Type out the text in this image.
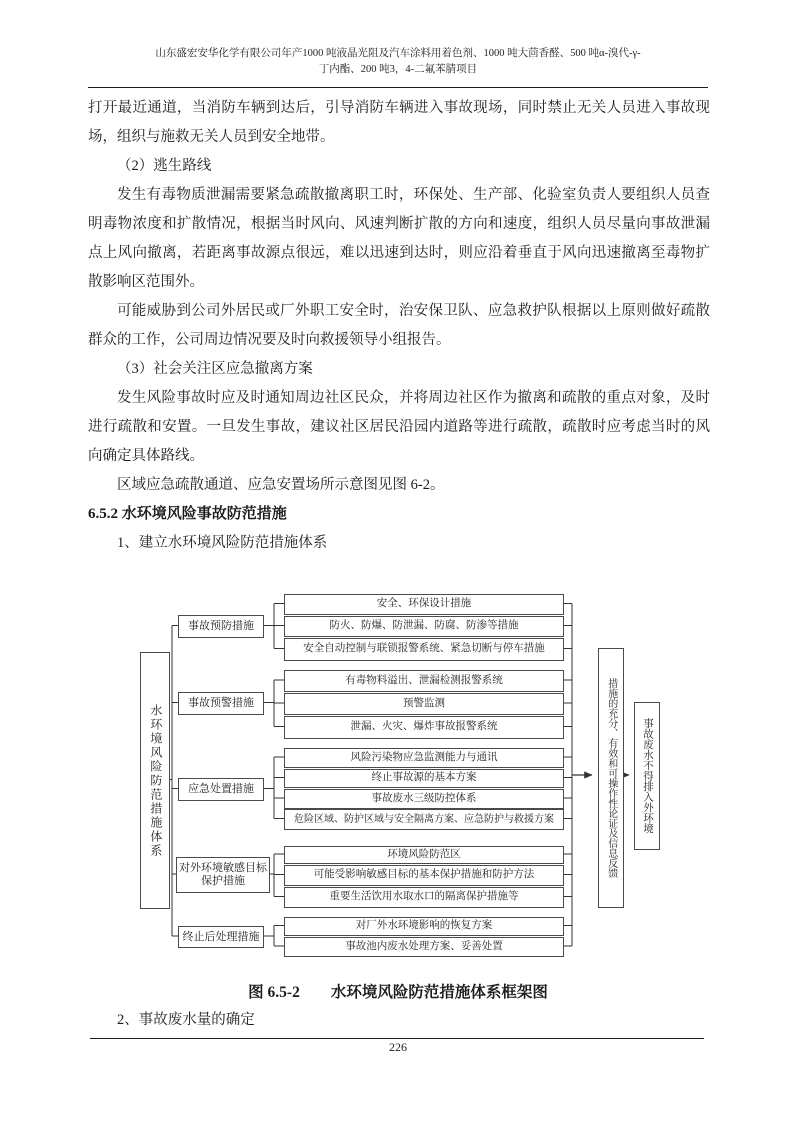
山东盛宏安华化学有限公司年产1000 吨液晶光阻及汽车涂料用着色剂、1000 吨大茴香醛、500 吨α-溴代-γ-
丁内酯、200 吨3，4-二氟苯腈项目

打开最近通道，当消防车辆到达后，引导消防车辆进入事故现场，同时禁止无关人员进入事故现场，组织与施救无关人员到安全地带。

（2）逃生路线

发生有毒物质泄漏需要紧急疏散撤离职工时，环保处、生产部、化验室负责人要组织人员查明毒物浓度和扩散情况，根据当时风向、风速判断扩散的方向和速度，组织人员尽量向事故泄漏点上风向撤离，若距离事故源点很远，难以迅速到达时，则应沿着垂直于风向迅速撤离至毒物扩散影响区范围外。

可能威胁到公司外居民或厂外职工安全时，治安保卫队、应急救护队根据以上原则做好疏散群众的工作，公司周边情况要及时向救援领导小组报告。

（3）社会关注区应急撤离方案

发生风险事故时应及时通知周边社区民众，并将周边社区作为撤离和疏散的重点对象，及时进行疏散和安置。一旦发生事故，建议社区居民沿园内道路等进行疏散，疏散时应考虑当时的风向确定具体路线。

区域应急疏散通道、应急安置场所示意图见图 6-2。

6.5.2 水环境风险事故防范措施

1、建立水环境风险防范措施体系

水环境风险防范措施体系
事故预防措施
事故预警措施
应急处置措施
对外环境敏感目标保护措施
终止后处理措施
安全、环保设计措施
防火、防爆、防泄漏、防腐、防渗等措施
安全自动控制与联锁报警系统、紧急切断与停车措施
有毒物料溢出、泄漏检测报警系统
预警监测
泄漏、火灾、爆炸事故报警系统
风险污染物应急监测能力与通讯
终止事故源的基本方案
事故废水三级防控体系
危险区域、防护区域与安全隔离方案、应急防护与救援方案
环境风险防范区
可能受影响敏感目标的基本保护措施和防护方法
重要生活饮用水取水口的隔离保护措施等
对厂外水环境影响的恢复方案
事故池内废水处理方案、妥善处置
措施的充分、有效和可操作性论证及信息反馈	事故废水不得排入外环境
图 6.5-2　　水环境风险防范措施体系框架图
2、事故废水量的确定
226
